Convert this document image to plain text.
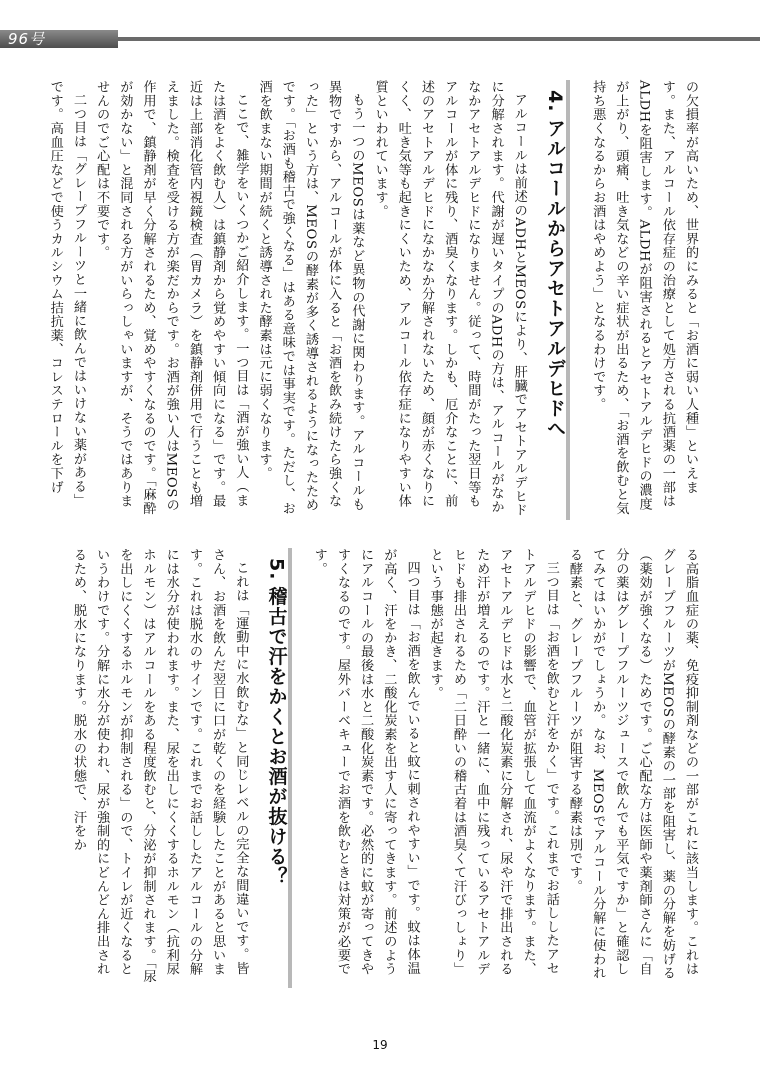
96号

の欠損率が高いため、世界的にみると「お酒に弱い人種」といえます。また、アルコール依存症の治療として処方される抗酒薬の一部はALDHを阻害します。ALDHが阻害されるとアセトアルデヒドの濃度が上がり、頭痛、吐き気などの辛い症状が出るため、「お酒を飲むと気持ち悪くなるからお酒はやめよう」となるわけです。

4.アルコールからアセトアルデヒドへ

アルコールは前述のADHとMEOSにより、肝臓でアセトアルデヒドに分解されます。代謝が遅いタイプのADHの方は、アルコールがなかなかアセトアルデヒドになりません。従って、時間がたった翌日等もアルコールが体に残り、酒臭くなります。しかも、厄介なことに、前述のアセトアルデヒドになかなか分解されないため、顔が赤くなりにくく、吐き気等も起きにくいため、アルコール依存症になりやすい体質といわれています。

もう一つのMEOSは薬など異物の代謝に関わります。アルコールも異物ですから、アルコールが体に入ると「お酒を飲み続けたら強くなった」という方は、MEOSの酵素が多く誘導されるようになったためです。「お酒も稽古で強くなる」はある意味では事実です。ただし、お酒を飲まない期間が続くと誘導された酵素は元に弱くなります。

ここで、雑学をいくつかご紹介します。一つ目は「酒が強い人（または酒をよく飲む人）は鎮静剤から覚めやすい傾向になる」です。最近は上部消化管内視鏡検査（胃カメラ）を鎮静剤併用で行うことも増えました。検査を受ける方が楽だからです。お酒が強い人はMEOSの作用で、鎮静剤が早く分解されるため、覚めやすくなるのです。「麻酔が効かない」と混同される方がいらっしゃいますが、そうではありませんのでご心配は不要です。

二つ目は「グレープフルーツと一緒に飲んではいけない薬がある」です。高血圧などで使うカルシウム拮抗薬、コレステロールを下げ

る高脂血症の薬、免疫抑制剤などの一部がこれに該当します。これはグレープフルーツがMEOSの酵素の一部を阻害し、薬の分解を妨げる（薬効が強くなる）ためです。ご心配な方は医師や薬剤師さんに「自分の薬はグレープフルーツジュースで飲んでも平気ですか」と確認してみてはいかがでしょうか。なお、MEOSでアルコール分解に使われる酵素と、グレープフルーツが阻害する酵素は別です。

三つ目は「お酒を飲むと汗をかく」です。これまでお話ししたアセトアルデヒドの影響で、血管が拡張して血流がよくなります。また、アセトアルデヒドは水と二酸化炭素に分解され、尿や汗で排出されるため汗が増えるのです。汗と一緒に、血中に残っているアセトアルデヒドも排出されるため「二日酔いの稽古着は酒臭くて汗びっしょり」という事態が起きます。

四つ目は「お酒を飲んでいると蚊に刺されやすい」です。蚊は体温が高く、汗をかき、二酸化炭素を出す人に寄ってきます。前述のようにアルコールの最後は水と二酸化炭素です。必然的に蚊が寄ってきやすくなるのです。屋外バーベキューでお酒を飲むときは対策が必要です。

5.稽古で汗をかくとお酒が抜ける？

これは「運動中に水飲むな」と同じレベルの完全な間違いです。皆さん、お酒を飲んだ翌日に口が乾くのを経験したことがあると思います。これは脱水のサインです。これまでお話ししたアルコールの分解には水分が使われます。また、尿を出しにくくするホルモン（抗利尿ホルモン）はアルコールをある程度飲むと、分泌が抑制されます。「尿を出しにくくするホルモンが抑制される」ので、トイレが近くなるというわけです。分解に水分が使われ、尿が強制的にどんどん排出されるため、脱水になります。脱水の状態で、汗をか

19
